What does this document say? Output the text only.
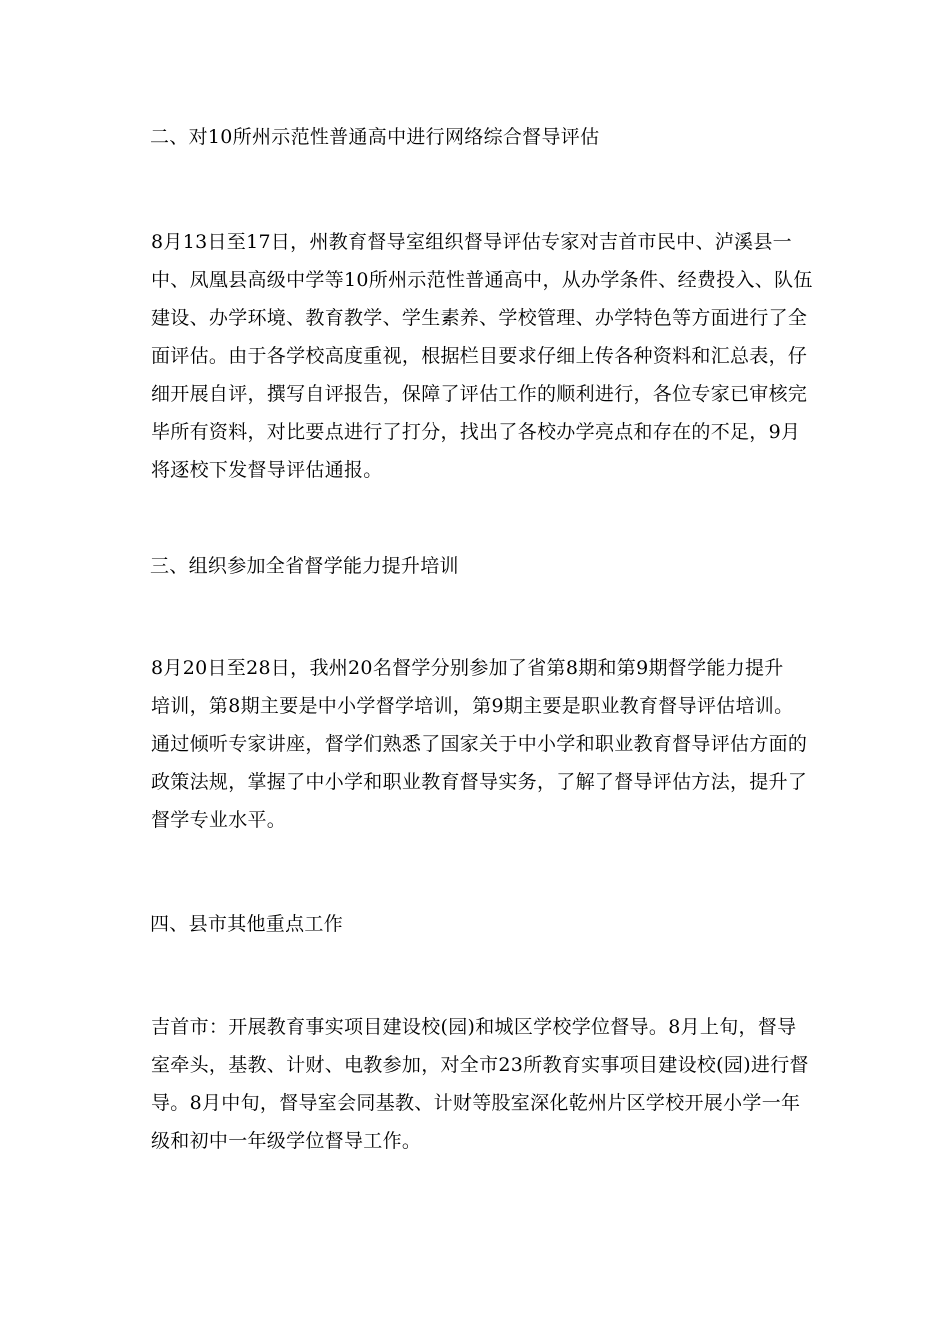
二、对10所州示范性普通高中进行网络综合督导评估
8月13日至17日，州教育督导室组织督导评估专家对吉首市民中、泸溪县一
中、凤凰县高级中学等10所州示范性普通高中，从办学条件、经费投入、队伍
建设、办学环境、教育教学、学生素养、学校管理、办学特色等方面进行了全
面评估。由于各学校高度重视，根据栏目要求仔细上传各种资料和汇总表，仔
细开展自评，撰写自评报告，保障了评估工作的顺利进行，各位专家已审核完
毕所有资料，对比要点进行了打分，找出了各校办学亮点和存在的不足，9月
将逐校下发督导评估通报。
三、组织参加全省督学能力提升培训
8月20日至28日，我州20名督学分别参加了省第8期和第9期督学能力提升
培训，第8期主要是中小学督学培训，第9期主要是职业教育督导评估培训。
通过倾听专家讲座，督学们熟悉了国家关于中小学和职业教育督导评估方面的
政策法规，掌握了中小学和职业教育督导实务，了解了督导评估方法，提升了
督学专业水平。
四、县市其他重点工作
吉首市：开展教育事实项目建设校(园)和城区学校学位督导。8月上旬，督导
室牵头，基教、计财、电教参加，对全市23所教育实事项目建设校(园)进行督
导。8月中旬，督导室会同基教、计财等股室深化乾州片区学校开展小学一年
级和初中一年级学位督导工作。
